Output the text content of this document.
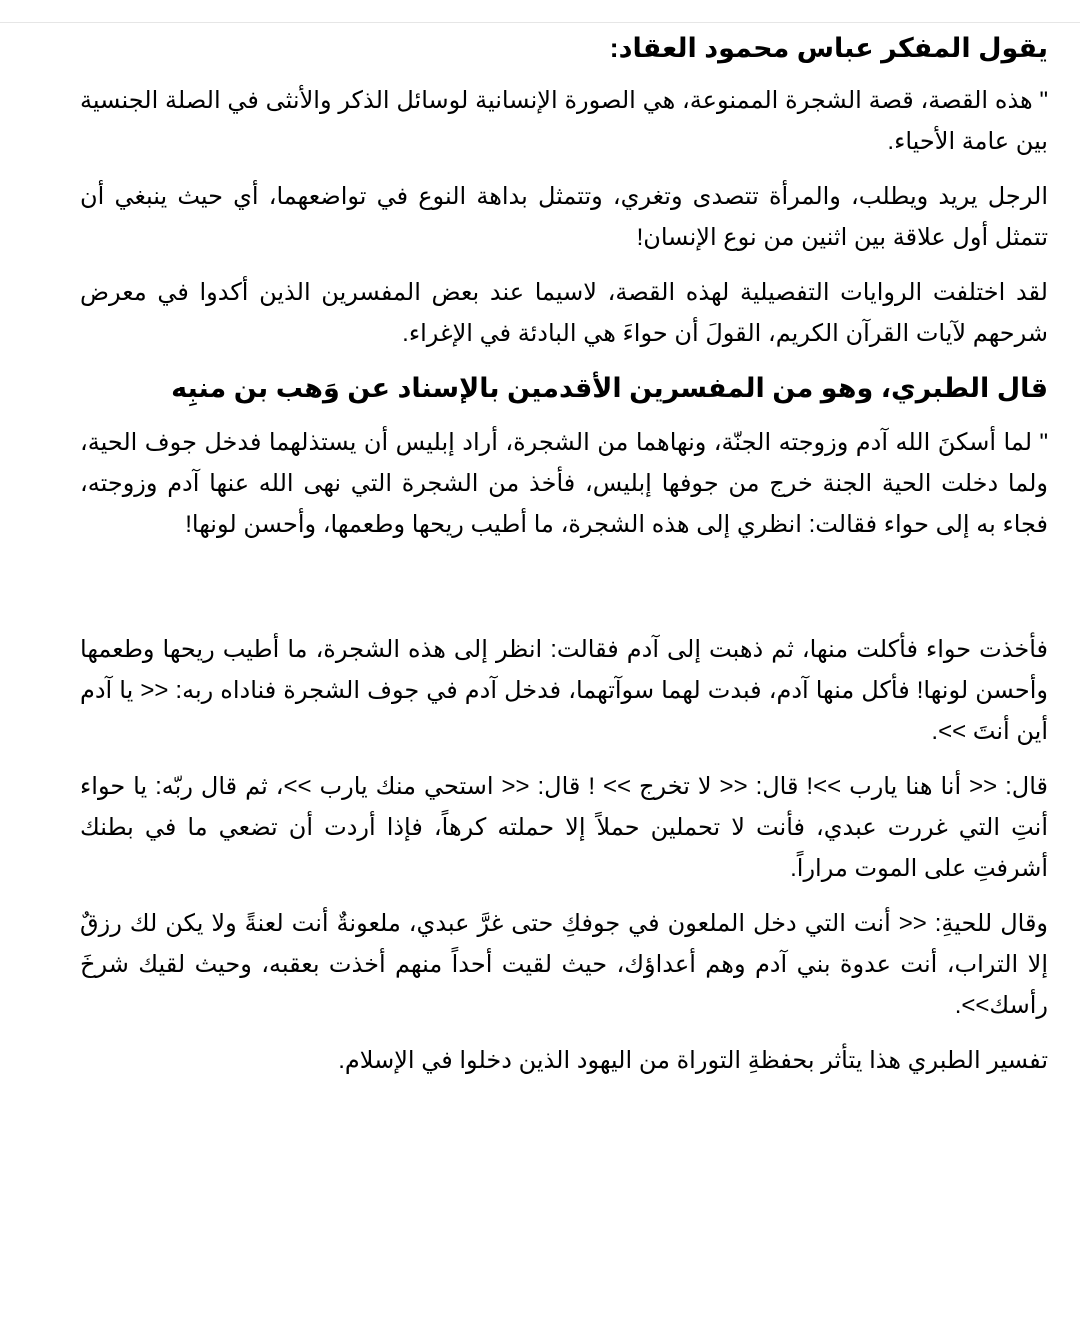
يقول المفكر عباس محمود العقاد:

" هذه القصة، قصة الشجرة الممنوعة، هي الصورة الإنسانية لوسائل الذكر والأنثى في الصلة الجنسية بين عامة الأحياء.

الرجل يريد ويطلب، والمرأة تتصدى وتغري، وتتمثل بداهة النوع في تواضعهما، أي حيث ينبغي أن تتمثل أول علاقة بين اثنين من نوع الإنسان!

لقد اختلفت الروايات التفصيلية لهذه القصة، لاسيما عند بعض المفسرين الذين أكدوا في معرض شرحهم لآيات القرآن الكريم، القولَ أن حواءَ هي البادئة في الإغراء.

قال الطبري، وهو من المفسرين الأقدمين بالإسناد عن وَهب بن منبِه

" لما أسكنَ الله آدم وزوجته الجنّة، ونهاهما من الشجرة، أراد إبليس أن يستذلهما فدخل جوف الحية، ولما دخلت الحية الجنة خرج من جوفها إبليس، فأخذ من الشجرة التي نهى الله عنها آدم وزوجته، فجاء به إلى حواء فقالت: انظري إلى هذه الشجرة، ما أطيب ريحها وطعمها، وأحسن لونها!

فأخذت حواء فأكلت منها، ثم ذهبت إلى آدم فقالت: انظر إلى هذه الشجرة، ما أطيب ريحها وطعمها وأحسن لونها! فأكل منها آدم، فبدت لهما سوآتهما، فدخل آدم في جوف الشجرة فناداه ربه: << يا آدم أين أنتَ >>.

قال: << أنا هنا يارب >>! قال: << لا تخرج >> ! قال: << استحي منك يارب >>، ثم قال ربّه: يا حواء أنتِ التي غررت عبدي، فأنت لا تحملين حملاً إلا حملته كرهاً، فإذا أردت أن تضعي ما في بطنك أشرفتِ على الموت مراراً.

وقال للحيةِ: << أنت التي دخل الملعون في جوفكِ حتى غرَّ عبدي، ملعونةٌ أنت لعنةً ولا يكن لك رزقٌ إلا التراب، أنت عدوة بني آدم وهم أعداؤك، حيث لقيت أحداً منهم أخذت بعقبه، وحيث لقيك شرخَ رأسك>>.

تفسير الطبري هذا يتأثر بحفظةِ التوراة من اليهود الذين دخلوا في الإسلام.
